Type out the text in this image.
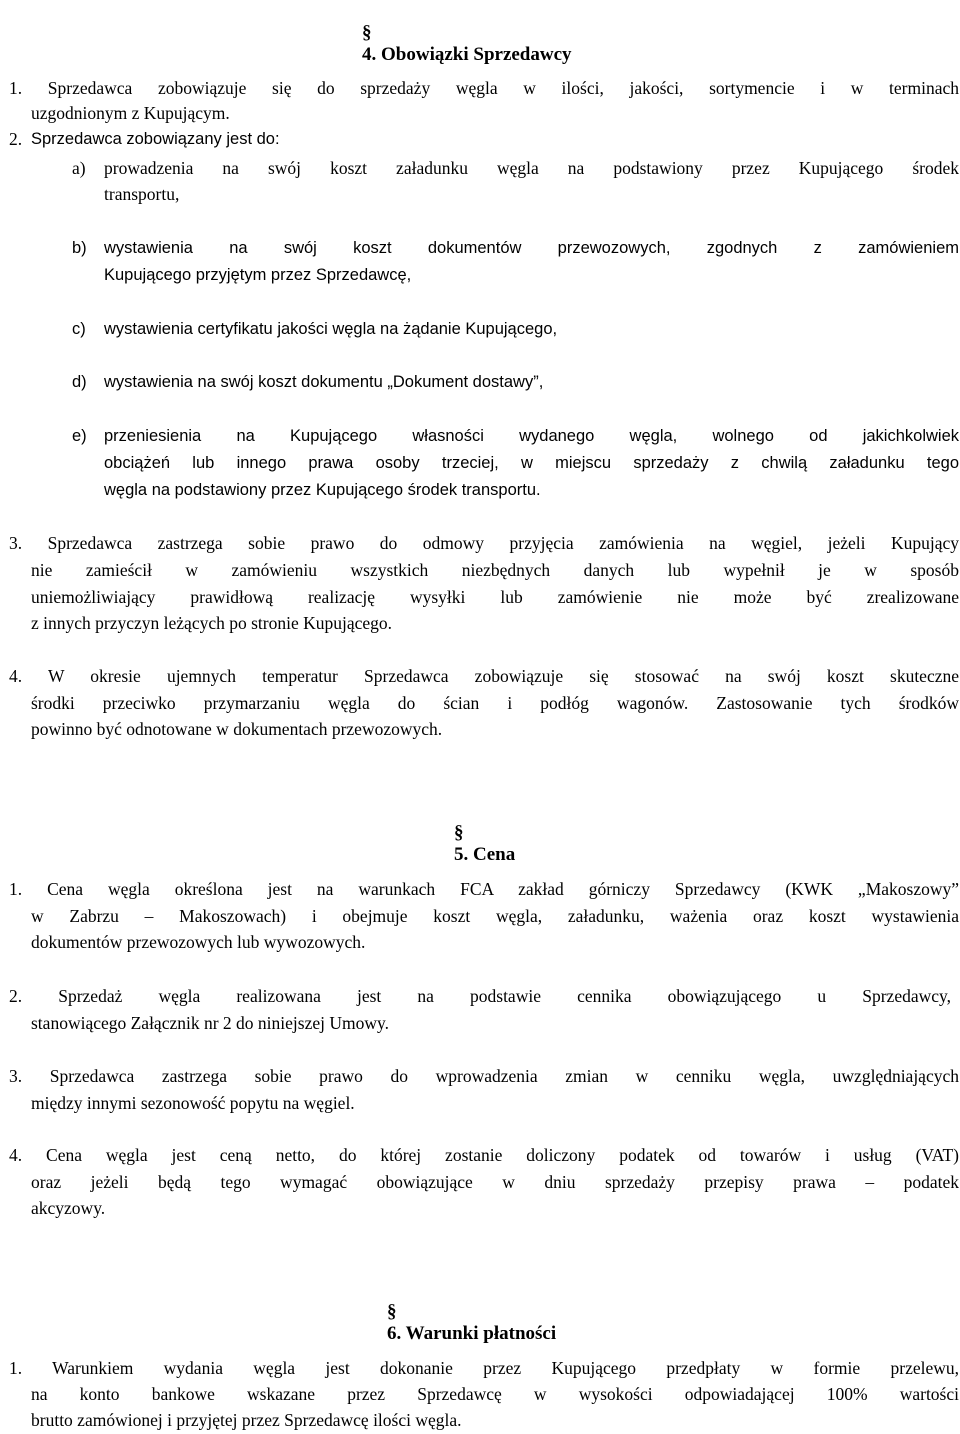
§
4. Obowiązki Sprzedawcy

1. Sprzedawca zobowiązuje się do sprzedaży węgla w ilości, jakości, sortymencie i w terminach
uzgodnionym z Kupującym.
2. Sprzedawca zobowiązany jest do:
a) prowadzenia na swój koszt załadunku węgla na podstawiony przez Kupującego środek
transportu,
b) wystawienia na swój koszt dokumentów przewozowych, zgodnych z zamówieniem
Kupującego przyjętym przez Sprzedawcę,
c) wystawienia certyfikatu jakości węgla na żądanie Kupującego,
d) wystawienia na swój koszt dokumentu „Dokument dostawy”,
e) przeniesienia na Kupującego własności wydanego węgla, wolnego od jakichkolwiek
obciążeń lub innego prawa osoby trzeciej, w miejscu sprzedaży z chwilą załadunku tego
węgla na podstawiony przez Kupującego środek transportu.
3. Sprzedawca zastrzega sobie prawo do odmowy przyjęcia zamówienia na węgiel, jeżeli Kupujący
nie zamieścił w zamówieniu wszystkich niezbędnych danych lub wypełnił je w sposób
uniemożliwiający prawidłową realizację wysyłki lub zamówienie nie może być zrealizowane
z innych przyczyn leżących po stronie Kupującego.
4. W okresie ujemnych temperatur Sprzedawca zobowiązuje się stosować na swój koszt skuteczne
środki przeciwko przymarzaniu węgla do ścian i podłóg wagonów. Zastosowanie tych środków
powinno być odnotowane w dokumentach przewozowych.

§
5. Cena

1. Cena węgla określona jest na warunkach FCA zakład górniczy Sprzedawcy (KWK „Makoszowy”
w Zabrzu – Makoszowach) i obejmuje koszt węgla, załadunku, ważenia oraz koszt wystawienia
dokumentów przewozowych lub wywozowych.
2. Sprzedaż węgla realizowana jest na podstawie cennika obowiązującego u Sprzedawcy,
stanowiącego Załącznik nr 2 do niniejszej Umowy.
3. Sprzedawca zastrzega sobie prawo do wprowadzenia zmian w cenniku węgla, uwzględniających
między innymi sezonowość popytu na węgiel.
4. Cena węgla jest ceną netto, do której zostanie doliczony podatek od towarów i usług (VAT)
oraz jeżeli będą tego wymagać obowiązujące w dniu sprzedaży przepisy prawa – podatek
akcyzowy.

§
6. Warunki płatności

1. Warunkiem wydania węgla jest dokonanie przez Kupującego przedpłaty w formie przelewu,
na konto bankowe wskazane przez Sprzedawcę w wysokości odpowiadającej 100% wartości
brutto zamówionej i przyjętej przez Sprzedawcę ilości węgla.
